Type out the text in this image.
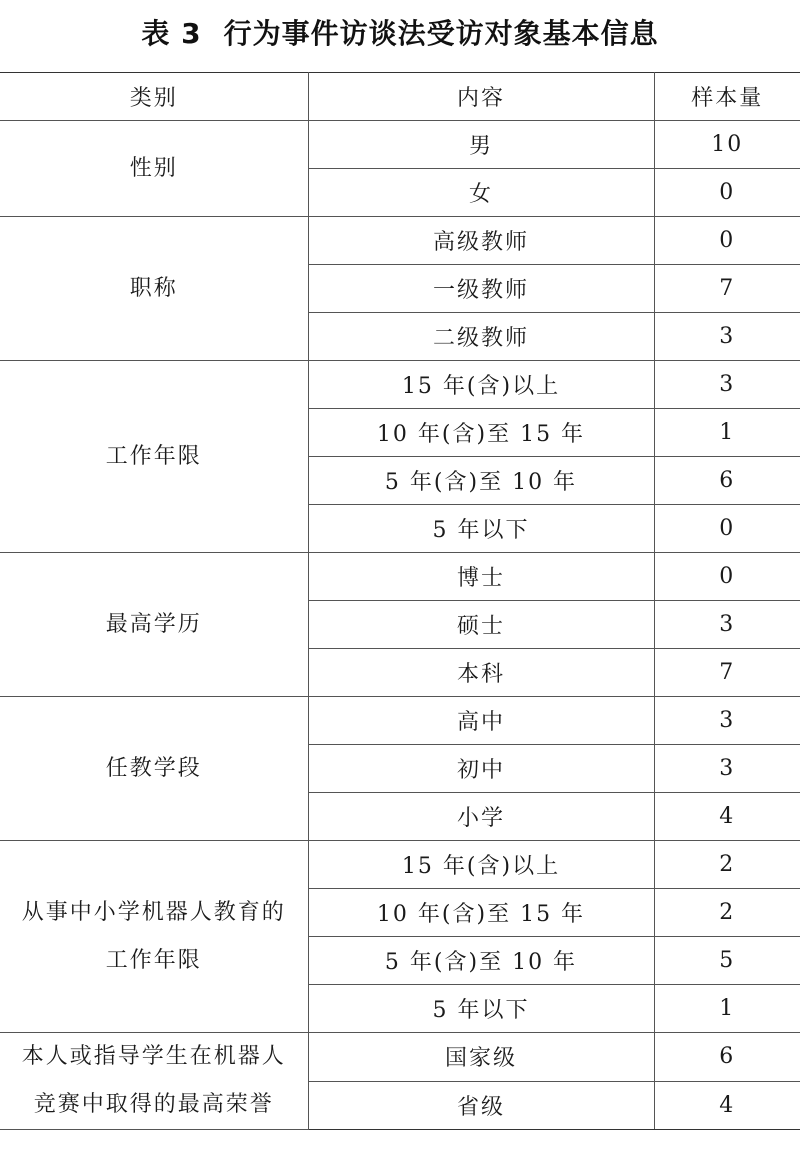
表 3 行为事件访谈法受访对象基本信息
类别	内容	样本量

性别	男	10
	女	0

职称	高级教师	0
	一级教师	7
	二级教师	3

工作年限	15 年(含)以上	3
	10 年(含)至 15 年	1
	5 年(含)至 10 年	6
	5 年以下	0

最高学历	博士	0
	硕士	3
	本科	7

任教学段	高中	3
	初中	3
	小学	4

从事中小学机器人教育的
工作年限	15 年(含)以上	2
	10 年(含)至 15 年	2
	5 年(含)至 10 年	5
	5 年以下	1

本人或指导学生在机器人
竞赛中取得的最高荣誉	国家级	6
	省级	4
